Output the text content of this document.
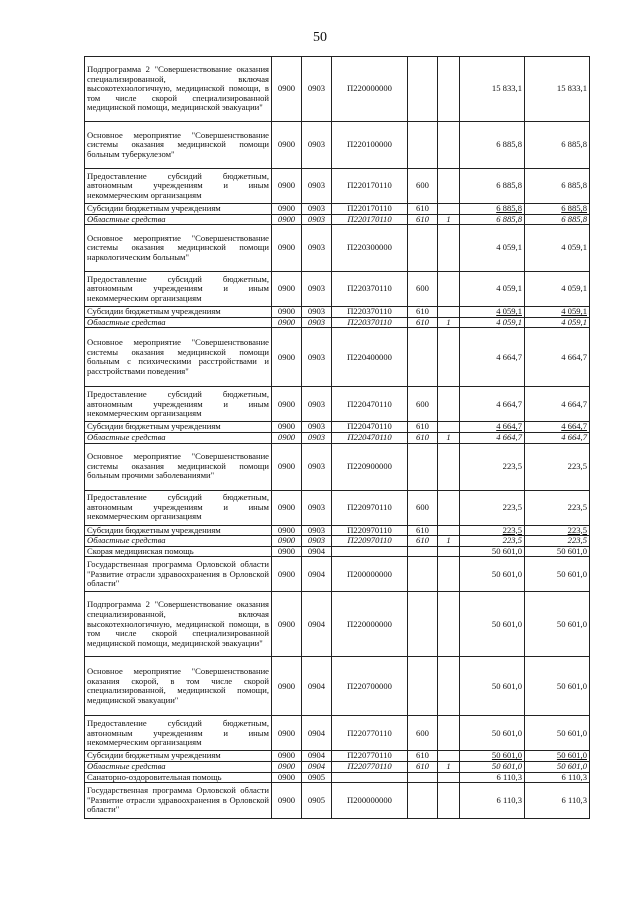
50
Подпрограмма 2 "Совершенствование оказания специализированной, включая высокотехнологичную, медицинской помощи, в том числе скорой специализированной медицинской помощи, медицинской эвакуации"	0900	0903	П220000000			15 833,1	15 833,1
Основное мероприятие "Совершенствование системы оказания медицинской помощи больным туберкулезом"	0900	0903	П220100000			6 885,8	6 885,8
Предоставление субсидий бюджетным, автономным учреждениям и иным некоммерческим организациям	0900	0903	П220170110	600		6 885,8	6 885,8
Субсидии бюджетным учреждениям	0900	0903	П220170110	610		6 885,8	6 885,8
Областные средства	0900	0903	П220170110	610	1	6 885,8	6 885,8
Основное мероприятие "Совершенствование системы оказания медицинской помощи наркологическим больным"	0900	0903	П220300000			4 059,1	4 059,1
Предоставление субсидий бюджетным, автономным учреждениям и иным некоммерческим организациям	0900	0903	П220370110	600		4 059,1	4 059,1
Субсидии бюджетным учреждениям	0900	0903	П220370110	610		4 059,1	4 059,1
Областные средства	0900	0903	П220370110	610	1	4 059,1	4 059,1
Основное мероприятие "Совершенствование системы оказания медицинской помощи больным с психическими расстройствами и расстройствами поведения"	0900	0903	П220400000			4 664,7	4 664,7
Предоставление субсидий бюджетным, автономным учреждениям и иным некоммерческим организациям	0900	0903	П220470110	600		4 664,7	4 664,7
Субсидии бюджетным учреждениям	0900	0903	П220470110	610		4 664,7	4 664,7
Областные средства	0900	0903	П220470110	610	1	4 664,7	4 664,7
Основное мероприятие "Совершенствование системы оказания медицинской помощи больным прочими заболеваниями"	0900	0903	П220900000			223,5	223,5
Предоставление субсидий бюджетным, автономным учреждениям и иным некоммерческим организациям	0900	0903	П220970110	600		223,5	223,5
Субсидии бюджетным учреждениям	0900	0903	П220970110	610		223,5	223,5
Областные средства	0900	0903	П220970110	610	1	223,5	223,5
Скорая медицинская помощь	0900	0904				50 601,0	50 601,0
Государственная программа Орловской области "Развитие отрасли здравоохранения в Орловской области"	0900	0904	П200000000			50 601,0	50 601,0
Подпрограмма 2 "Совершенствование оказания специализированной, включая высокотехнологичную, медицинской помощи, в том числе скорой специализированной медицинской помощи, медицинской эвакуации"	0900	0904	П220000000			50 601,0	50 601,0
Основное мероприятие "Совершенствование оказания скорой, в том числе скорой специализированной, медицинской помощи, медицинской эвакуации"	0900	0904	П220700000			50 601,0	50 601,0
Предоставление субсидий бюджетным, автономным учреждениям и иным некоммерческим организациям	0900	0904	П220770110	600		50 601,0	50 601,0
Субсидии бюджетным учреждениям	0900	0904	П220770110	610		50 601,0	50 601,0
Областные средства	0900	0904	П220770110	610	1	50 601,0	50 601,0
Санаторно-оздоровительная помощь	0900	0905				6 110,3	6 110,3
Государственная программа Орловской области "Развитие отрасли здравоохранения в Орловской области"	0900	0905	П200000000			6 110,3	6 110,3
